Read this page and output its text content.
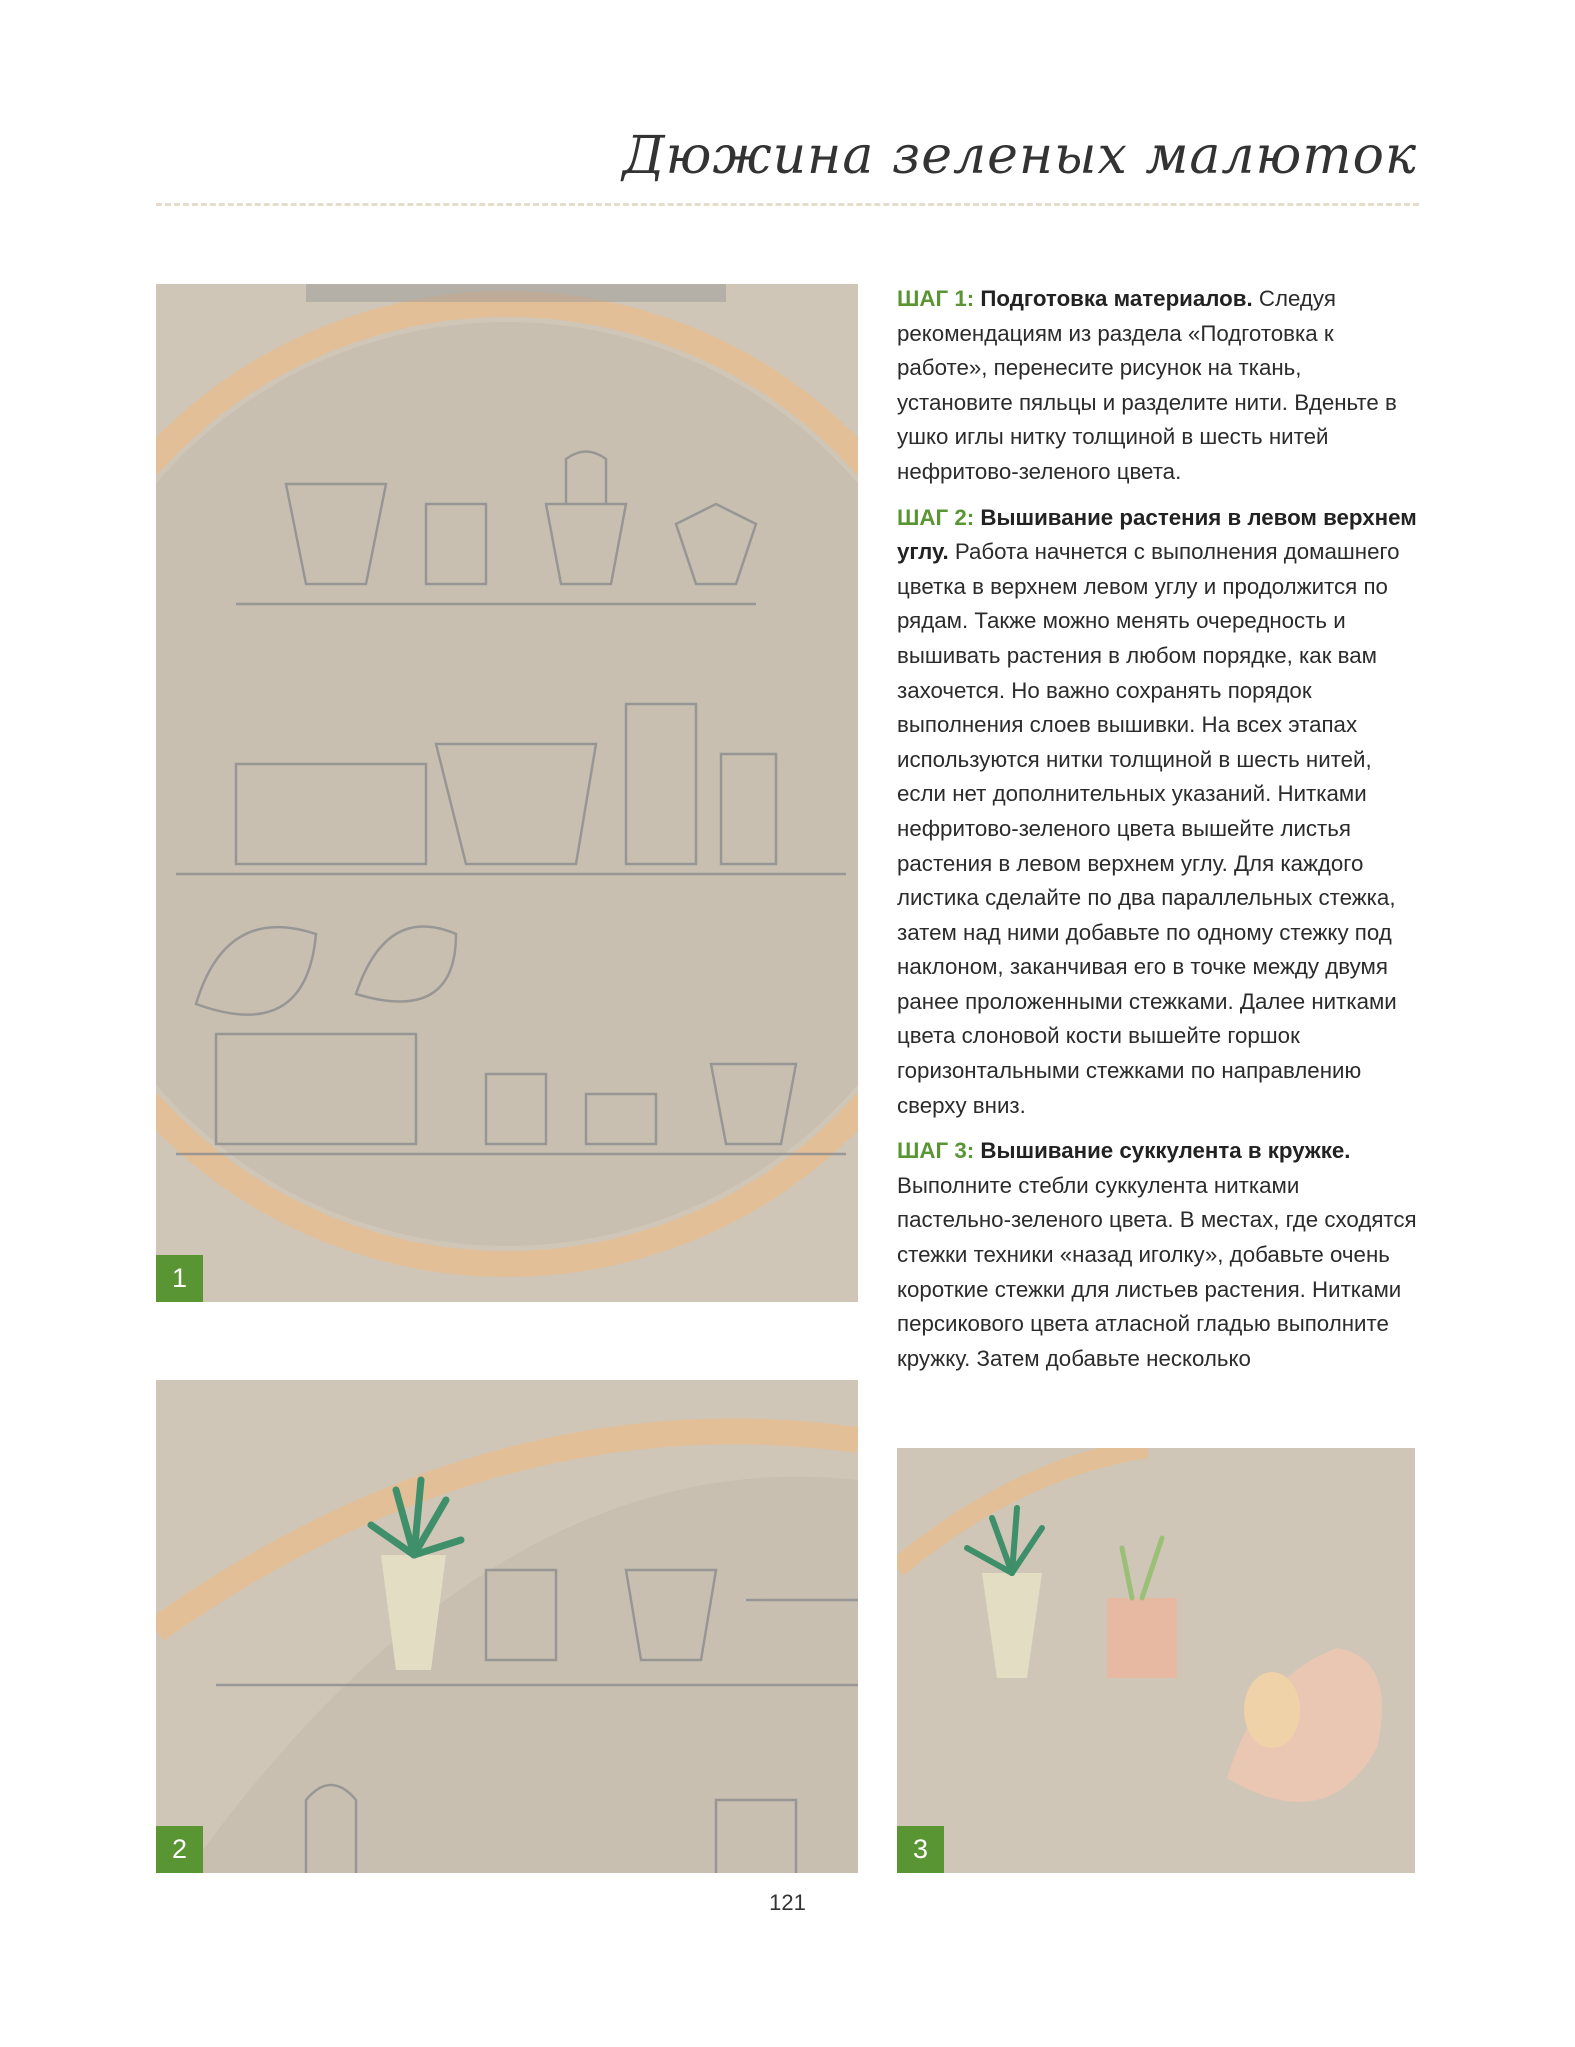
Дюжина зеленых малюток
1
2	3

ШАГ 1: Подготовка материалов. Следуя рекомендациям из раздела «Подготовка к работе», перенесите рисунок на ткань, установите пяльцы и разделите нити. Вденьте в ушко иглы нитку толщиной в шесть нитей нефритово-зеленого цвета.

ШАГ 2: Вышивание растения в левом верхнем углу. Работа начнется с выполнения домашнего цветка в верхнем левом углу и продолжится по рядам. Также можно менять очередность и вышивать растения в любом порядке, как вам захочется. Но важно сохранять порядок выполнения слоев вышивки. На всех этапах используются нитки толщиной в шесть нитей, если нет дополнительных указаний. Нитками нефритово-зеленого цвета вышейте листья растения в левом верхнем углу. Для каждого листика сделайте по два параллельных стежка, затем над ними добавьте по одному стежку под наклоном, заканчивая его в точке между двумя ранее проложенными стежками. Далее нитками цвета слоновой кости вышейте горшок горизонтальными стежками по направлению сверху вниз.

ШАГ 3: Вышивание суккулента в кружке. Выполните стебли суккулента нитками пастельно-зеленого цвета. В местах, где сходятся стежки техники «назад иголку», добавьте очень короткие стежки для листьев растения. Нитками персикового цвета атласной гладью выполните кружку. Затем добавьте несколько

121
